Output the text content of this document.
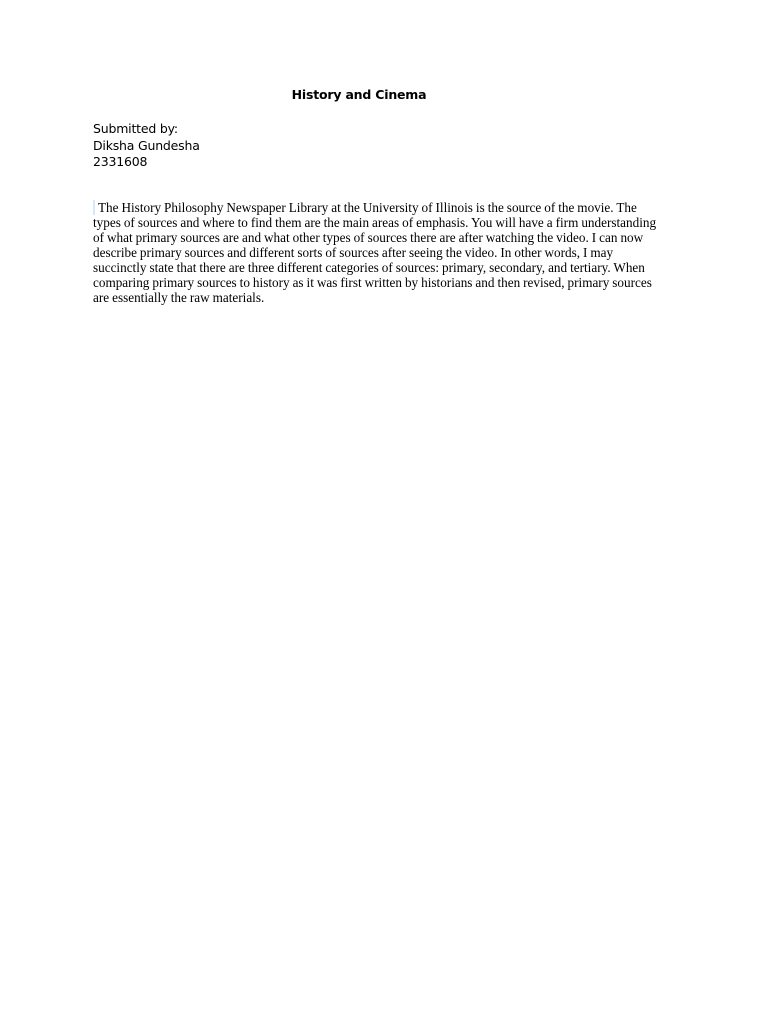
History and Cinema
Submitted by:
Diksha Gundesha
2331608
The History Philosophy Newspaper Library at the University of Illinois is the source of the movie. The types of sources and where to find them are the main areas of emphasis. You will have a firm understanding of what primary sources are and what other types of sources there are after watching the video. I can now describe primary sources and different sorts of sources after seeing the video. In other words, I may succinctly state that there are three different categories of sources: primary, secondary, and tertiary. When comparing primary sources to history as it was first written by historians and then revised, primary sources are essentially the raw materials.
